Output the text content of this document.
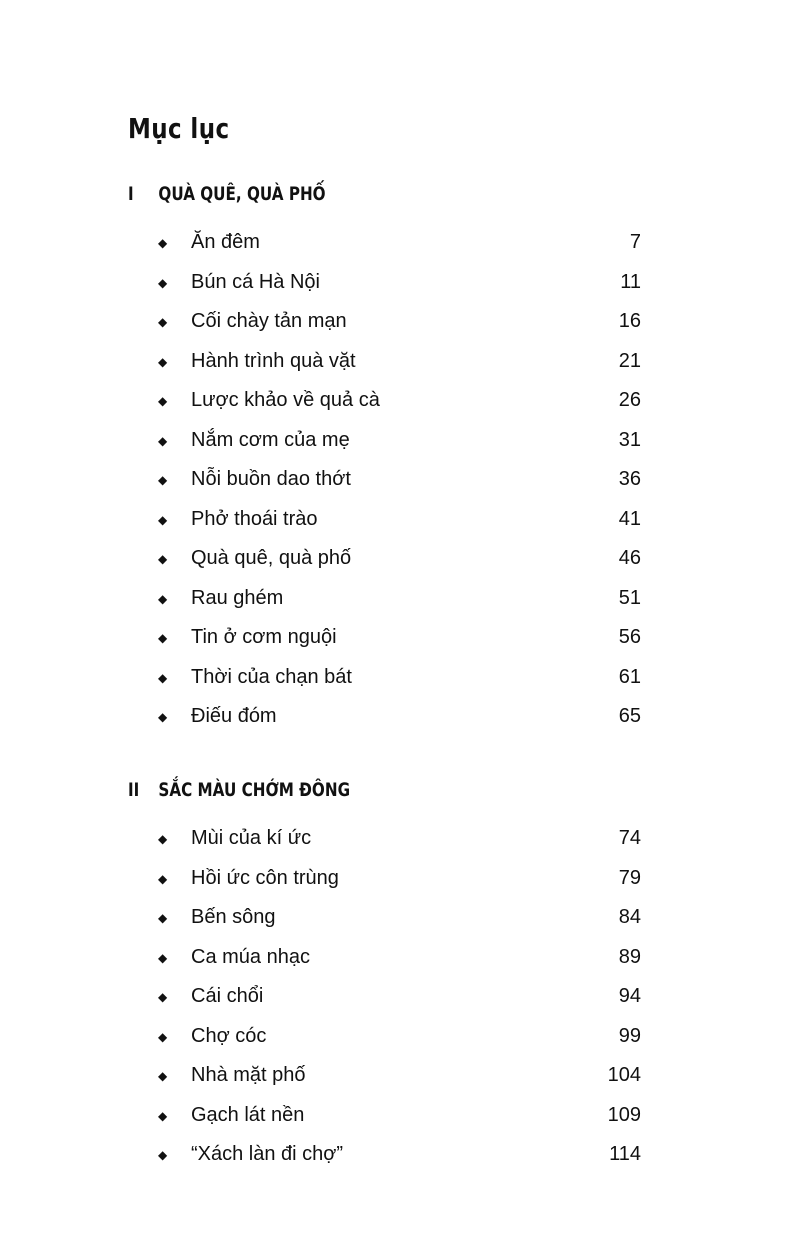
Mục lục
I QUÀ QUÊ, QUÀ PHỐ
◆ Ăn đêm	7
◆ Bún cá Hà Nội	11
◆ Cối chày tản mạn	16
◆ Hành trình quà vặt	21
◆ Lược khảo về quả cà	26
◆ Nắm cơm của mẹ	31
◆ Nỗi buồn dao thớt	36
◆ Phở thoái trào	41
◆ Quà quê, quà phố	46
◆ Rau ghém	51
◆ Tin ở cơm nguội	56
◆ Thời của chạn bát	61
◆ Điếu đóm	65
II SẮC MÀU CHỚM ĐÔNG
◆ Mùi của kí ức	74
◆ Hồi ức côn trùng	79
◆ Bến sông	84
◆ Ca múa nhạc	89
◆ Cái chổi	94
◆ Chợ cóc	99
◆ Nhà mặt phố	104
◆ Gạch lát nền	109
◆ “Xách làn đi chợ”	114
